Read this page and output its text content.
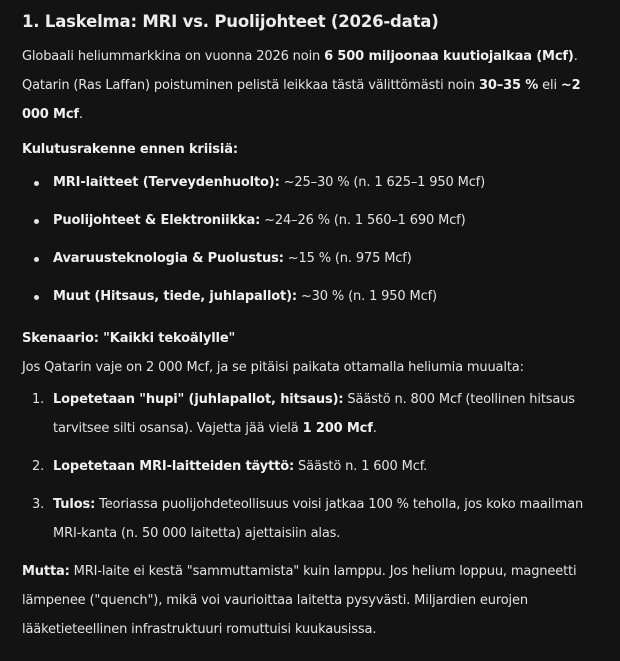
1. Laskelma: MRI vs. Puolijohteet (2026-data)

Globaali heliummarkkina on vuonna 2026 noin 6 500 miljoonaa kuutiojalkaa (Mcf). Qatarin (Ras Laffan) poistuminen pelistä leikkaa tästä välittömästi noin 30–35 % eli ~2 000 Mcf.

Kulutusrakenne ennen kriisiä:

MRI-laitteet (Terveydenhuolto): ~25–30 % (n. 1 625–1 950 Mcf)
Puolijohteet & Elektroniikka: ~24–26 % (n. 1 560–1 690 Mcf)
Avaruusteknologia & Puolustus: ~15 % (n. 975 Mcf)
Muut (Hitsaus, tiede, juhlapallot): ~30 % (n. 1 950 Mcf)

Skenaario: "Kaikki tekoälylle"

Jos Qatarin vaje on 2 000 Mcf, ja se pitäisi paikata ottamalla heliumia muualta:

1. Lopetetaan "hupi" (juhlapallot, hitsaus): Säästö n. 800 Mcf (teollinen hitsaus tarvitsee silti osansa). Vajetta jää vielä 1 200 Mcf.
2. Lopetetaan MRI-laitteiden täyttö: Säästö n. 1 600 Mcf.
3. Tulos: Teoriassa puolijohdeteollisuus voisi jatkaa 100 % teholla, jos koko maailman MRI-kanta (n. 50 000 laitetta) ajettaisiin alas.

Mutta: MRI-laite ei kestä "sammuttamista" kuin lamppu. Jos helium loppuu, magneetti lämpenee ("quench"), mikä voi vaurioittaa laitetta pysyvästi. Miljardien eurojen lääketieteellinen infrastruktuuri romuttuisi kuukausissa.
